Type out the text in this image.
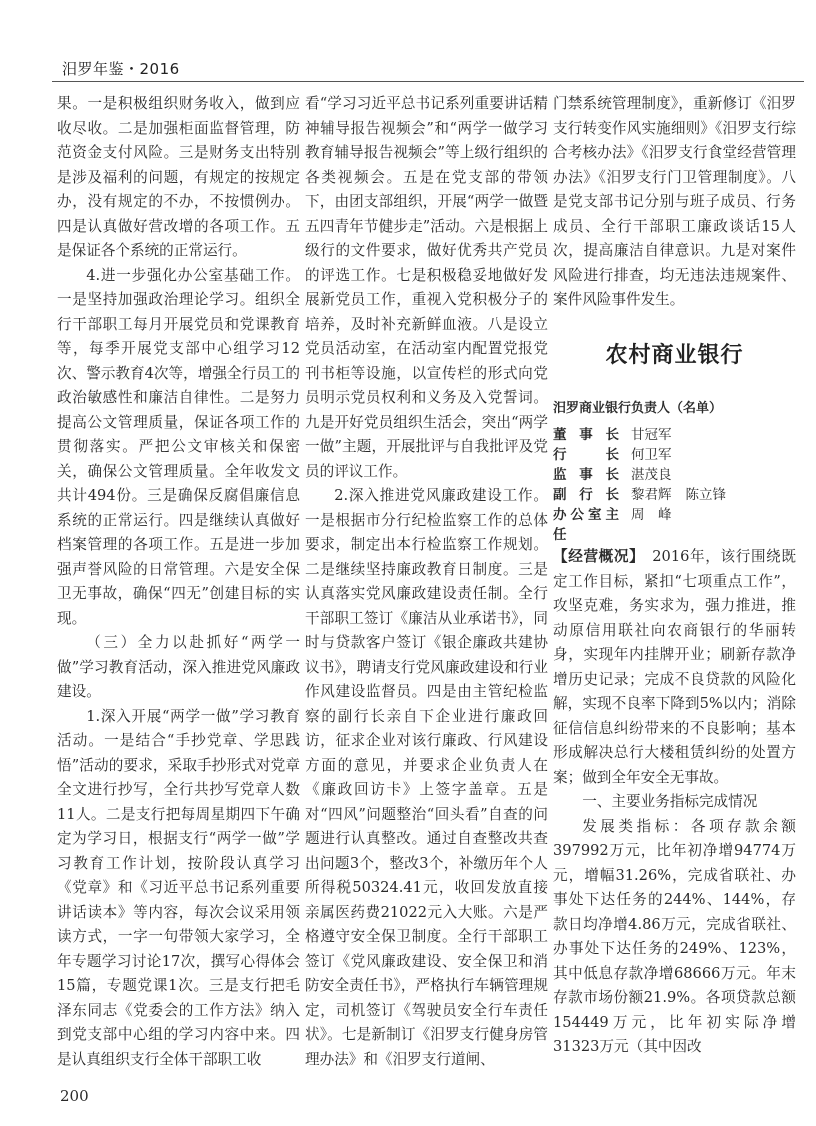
汨罗年鉴・2016

果。一是积极组织财务收入，做到应收尽收。二是加强柜面监督管理，防范资金支付风险。三是财务支出特别是涉及福利的问题，有规定的按规定办，没有规定的不办，不按惯例办。四是认真做好营改增的各项工作。五是保证各个系统的正常运行。

4.进一步强化办公室基础工作。一是坚持加强政治理论学习。组织全行干部职工每月开展党员和党课教育等，每季开展党支部中心组学习12次、警示教育4次等，增强全行员工的政治敏感性和廉洁自律性。二是努力提高公文管理质量，保证各项工作的贯彻落实。严把公文审核关和保密关，确保公文管理质量。全年收发文共计494份。三是确保反腐倡廉信息系统的正常运行。四是继续认真做好档案管理的各项工作。五是进一步加强声誉风险的日常管理。六是安全保卫无事故，确保“四无”创建目标的实现。

（三）全力以赴抓好“两学一做”学习教育活动，深入推进党风廉政建设。

1.深入开展“两学一做”学习教育活动。一是结合“手抄党章、学思践悟”活动的要求，采取手抄形式对党章全文进行抄写，全行共抄写党章人数11人。二是支行把每周星期四下午确定为学习日，根据支行“两学一做”学习教育工作计划，按阶段认真学习《党章》和《习近平总书记系列重要讲话读本》等内容，每次会议采用领读方式，一字一句带领大家学习，全年专题学习讨论17次，撰写心得体会15篇，专题党课1次。三是支行把毛泽东同志《党委会的工作方法》纳入到党支部中心组的学习内容中来。四是认真组织支行全体干部职工收

看“学习习近平总书记系列重要讲话精神辅导报告视频会”和“两学一做学习教育辅导报告视频会”等上级行组织的各类视频会。五是在党支部的带领下，由团支部组织，开展“两学一做暨五四青年节健步走”活动。六是根据上级行的文件要求，做好优秀共产党员的评选工作。七是积极稳妥地做好发展新党员工作，重视入党积极分子的培养，及时补充新鲜血液。八是设立党员活动室，在活动室内配置党报党刊书柜等设施，以宣传栏的形式向党员明示党员权利和义务及入党誓词。九是开好党员组织生活会，突出“两学一做”主题，开展批评与自我批评及党员的评议工作。

2.深入推进党风廉政建设工作。一是根据市分行纪检监察工作的总体要求，制定出本行检监察工作规划。二是继续坚持廉政教育日制度。三是认真落实党风廉政建设责任制。全行干部职工签订《廉洁从业承诺书》，同时与贷款客户签订《银企廉政共建协议书》，聘请支行党风廉政建设和行业作风建设监督员。四是由主管纪检监察的副行长亲自下企业进行廉政回访，征求企业对该行廉政、行风建设方面的意见，并要求企业负责人在《廉政回访卡》上签字盖章。五是对“四风”问题整治“回头看”自查的问题进行认真整改。通过自查整改共查出问题3个，整改3个，补缴历年个人所得税50324.41元，收回发放直接亲属医药费21022元入大账。六是严格遵守安全保卫制度。全行干部职工签订《党风廉政建设、安全保卫和消防安全责任书》，严格执行车辆管理规定，司机签订《驾驶员安全行车责任状》。七是新制订《汨罗支行健身房管理办法》和《汨罗支行道闸、

门禁系统管理制度》，重新修订《汨罗支行转变作风实施细则》《汨罗支行综合考核办法》《汨罗支行食堂经营管理办法》《汨罗支行门卫管理制度》。八是党支部书记分别与班子成员、行务成员、全行干部职工廉政谈话15人次，提高廉洁自律意识。九是对案件风险进行排查，均无违法违规案件、案件风险事件发生。

农村商业银行
汨罗商业银行负责人（名单）
董事长 甘冠军
行长 何卫军
监事长 湛茂良
副行长 黎君辉 陈立锋
办公室主任
周　峰

【经营概况】　2016年，该行围绕既定工作目标，紧扣“七项重点工作”，攻坚克难，务实求为，强力推进，推动原信用联社向农商银行的华丽转身，实现年内挂牌开业；刷新存款净增历史记录；完成不良贷款的风险化解，实现不良率下降到5%以内；消除征信信息纠纷带来的不良影响；基本形成解决总行大楼租赁纠纷的处置方案；做到全年安全无事故。

一、主要业务指标完成情况

发展类指标：各项存款余额397992万元，比年初净增94774万元，增幅31.26%，完成省联社、办事处下达任务的244%、144%，存款日均净增4.86万元，完成省联社、办事处下达任务的249%、123%，其中低息存款净增68666万元。年末存款市场份额21.9%。各项贷款总额154449万元，比年初实际净增31323万元（其中因改

200
